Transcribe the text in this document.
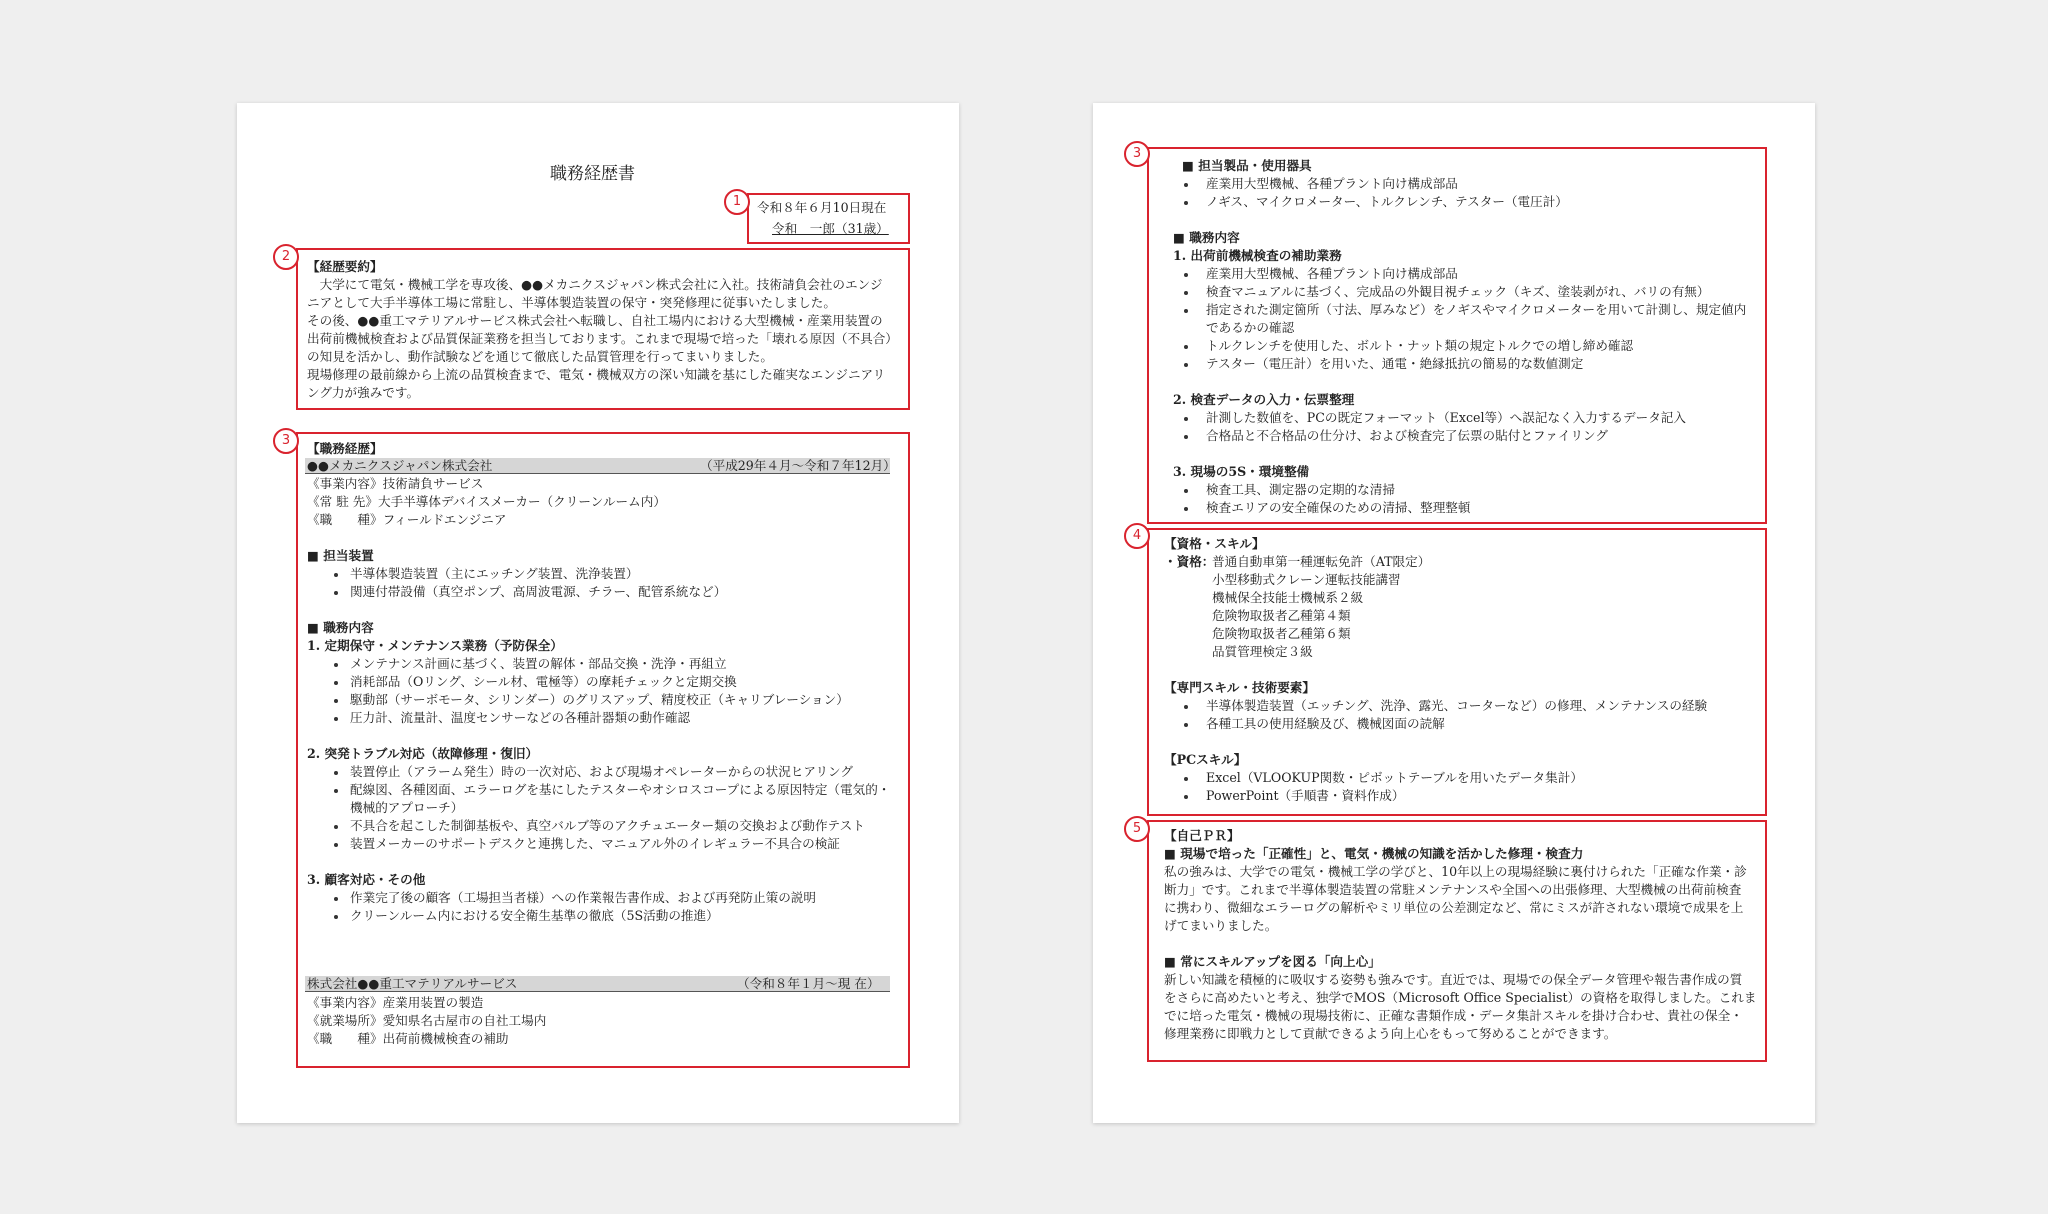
職務経歴書
1	令和８年６月10日現在
令和　一郎（31歳）
2
【経歴要約】
　大学にて電気・機械工学を専攻後、●●メカニクスジャパン株式会社に入社。技術請負会社のエンジ
ニアとして大手半導体工場に常駐し、半導体製造装置の保守・突発修理に従事いたしました。
その後、●●重工マテリアルサービス株式会社へ転職し、自社工場内における大型機械・産業用装置の
出荷前機械検査および品質保証業務を担当しております。これまで現場で培った「壊れる原因（不具合）
の知見を活かし、動作試験などを通じて徹底した品質管理を行ってまいりました。
現場修理の最前線から上流の品質検査まで、電気・機械双方の深い知識を基にした確実なエンジニアリ
ング力が強みです。
3
【職務経歴】
●●メカニクスジャパン株式会社	（平成29年４月～令和７年12月）
《事業内容》技術請負サービス
《常 駐 先》大手半導体デバイスメーカー（クリーンルーム内）
《職　　種》フィールドエンジニア
■ 担当装置
半導体製造装置（主にエッチング装置、洗浄装置）
関連付帯設備（真空ポンプ、高周波電源、チラー、配管系統など）
■ 職務内容
1. 定期保守・メンテナンス業務（予防保全）
メンテナンス計画に基づく、装置の解体・部品交換・洗浄・再組立
消耗部品（Oリング、シール材、電極等）の摩耗チェックと定期交換
駆動部（サーボモータ、シリンダー）のグリスアップ、精度校正（キャリブレーション）
圧力計、流量計、温度センサーなどの各種計器類の動作確認
2. 突発トラブル対応（故障修理・復旧）
装置停止（アラーム発生）時の一次対応、および現場オペレーターからの状況ヒアリング
配線図、各種図面、エラーログを基にしたテスターやオシロスコープによる原因特定（電気的・
機械的アプローチ）
不具合を起こした制御基板や、真空バルブ等のアクチュエーター類の交換および動作テスト
装置メーカーのサポートデスクと連携した、マニュアル外のイレギュラー不具合の検証
3. 顧客対応・その他
作業完了後の顧客（工場担当者様）への作業報告書作成、および再発防止策の説明
クリーンルーム内における安全衛生基準の徹底（5S活動の推進）
株式会社●●重工マテリアルサービス	（令和８年１月～現 在）
《事業内容》産業用装置の製造
《就業場所》愛知県名古屋市の自社工場内
《職　　種》出荷前機械検査の補助
3
■ 担当製品・使用器具
産業用大型機械、各種プラント向け構成部品
ノギス、マイクロメーター、トルクレンチ、テスター（電圧計）
■ 職務内容
1. 出荷前機械検査の補助業務
産業用大型機械、各種プラント向け構成部品
検査マニュアルに基づく、完成品の外観目視チェック（キズ、塗装剥がれ、バリの有無）
指定された測定箇所（寸法、厚みなど）をノギスやマイクロメーターを用いて計測し、規定値内
であるかの確認
トルクレンチを使用した、ボルト・ナット類の規定トルクでの増し締め確認
テスター（電圧計）を用いた、通電・絶縁抵抗の簡易的な数値測定
2. 検査データの入力・伝票整理
計測した数値を、PCの既定フォーマット（Excel等）へ誤記なく入力するデータ記入
合格品と不合格品の仕分け、および検査完了伝票の貼付とファイリング
3. 現場の5S・環境整備
検査工具、測定器の定期的な清掃
検査エリアの安全確保のための清掃、整理整頓
4
【資格・スキル】
・資格：
普通自動車第一種運転免許（AT限定）
小型移動式クレーン運転技能講習
機械保全技能士機械系２級
危険物取扱者乙種第４類
危険物取扱者乙種第６類
品質管理検定３級
【専門スキル・技術要素】
半導体製造装置（エッチング、洗浄、露光、コーターなど）の修理、メンテナンスの経験
各種工具の使用経験及び、機械図面の読解
【PCスキル】
Excel（VLOOKUP関数・ピボットテーブルを用いたデータ集計）
PowerPoint（手順書・資料作成）
5	【自己ＰＲ】
■ 現場で培った「正確性」と、電気・機械の知識を活かした修理・検査力
私の強みは、大学での電気・機械工学の学びと、10年以上の現場経験に裏付けられた「正確な作業・診
断力」です。これまで半導体製造装置の常駐メンテナンスや全国への出張修理、大型機械の出荷前検査
に携わり、微細なエラーログの解析やミリ単位の公差測定など、常にミスが許されない環境で成果を上
げてまいりました。
■ 常にスキルアップを図る「向上心」
新しい知識を積極的に吸収する姿勢も強みです。直近では、現場での保全データ管理や報告書作成の質
をさらに高めたいと考え、独学でMOS（Microsoft Office Specialist）の資格を取得しました。これま
でに培った電気・機械の現場技術に、正確な書類作成・データ集計スキルを掛け合わせ、貴社の保全・
修理業務に即戦力として貢献できるよう向上心をもって努めることができます。
